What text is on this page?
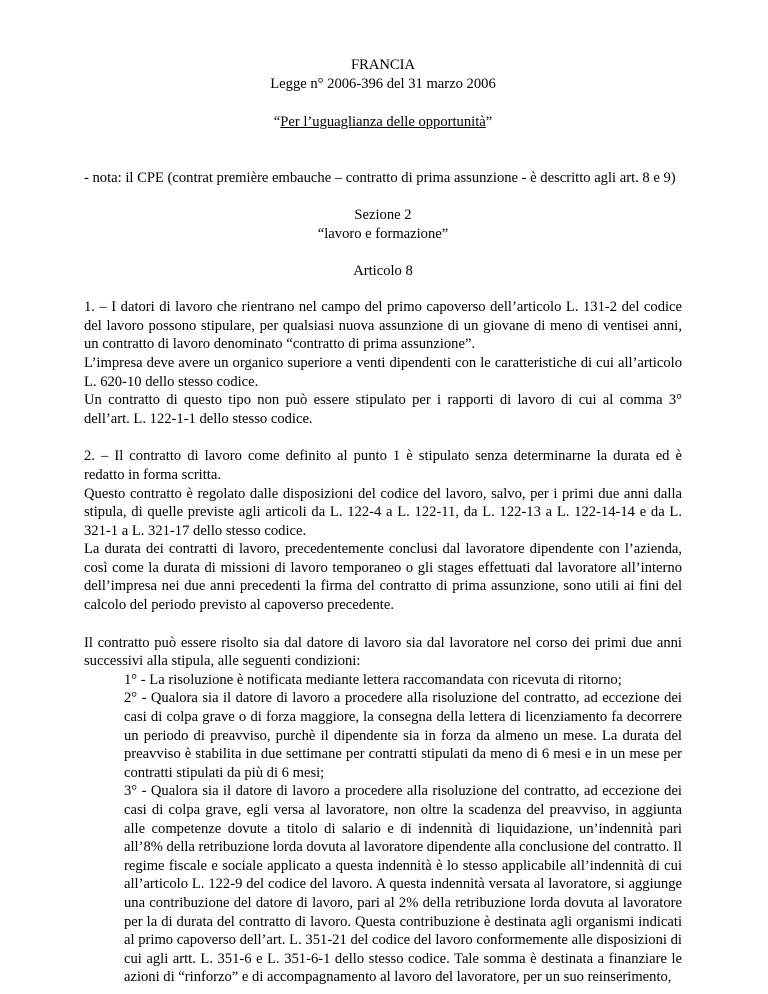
FRANCIA

Legge n° 2006-396 del 31 marzo 2006

“Per l’uguaglianza delle opportunità”

- nota: il CPE (contrat première embauche – contratto di prima assunzione - è descritto agli art. 8 e 9)

Sezione 2

“lavoro e formazione”

Articolo 8

1. – I datori di lavoro che rientrano nel campo del primo capoverso dell’articolo L. 131-2 del codice del lavoro possono stipulare, per qualsiasi nuova assunzione di un giovane di meno di ventisei anni, un contratto di lavoro denominato “contratto di prima assunzione”.

L’impresa deve avere un organico superiore a venti dipendenti con le caratteristiche di cui all’articolo L. 620-10 dello stesso codice.

Un contratto di questo tipo non può essere stipulato per i rapporti di lavoro di cui al comma 3° dell’art. L. 122-1-1 dello stesso codice.

2. – Il contratto di lavoro come definito al punto 1 è stipulato senza determinarne la durata ed è redatto in forma scritta.

Questo contratto è regolato dalle disposizioni del codice del lavoro, salvo, per i primi due anni dalla stipula, di quelle previste agli articoli da L. 122-4 a L. 122-11, da L. 122-13 a L. 122-14-14 e da L. 321-1 a L. 321-17 dello stesso codice.

La durata dei contratti di lavoro, precedentemente conclusi dal lavoratore dipendente con l’azienda, così come la durata di missioni di lavoro temporaneo o gli stages effettuati dal lavoratore all’interno dell’impresa nei due anni precedenti la firma del contratto di prima assunzione, sono utili ai fini del calcolo del periodo previsto al capoverso precedente.

Il contratto può essere risolto sia dal datore di lavoro sia dal lavoratore nel corso dei primi due anni successivi alla stipula, alle seguenti condizioni:

1° - La risoluzione è notificata mediante lettera raccomandata con ricevuta di ritorno;

2° - Qualora sia il datore di lavoro a procedere alla risoluzione del contratto, ad eccezione dei casi di colpa grave o di forza maggiore, la consegna della lettera di licenziamento fa decorrere un periodo di preavviso, purchè il dipendente sia in forza da almeno un mese. La durata del preavviso è stabilita in due settimane per contratti stipulati da meno di 6 mesi e in un mese per contratti stipulati da più di 6 mesi;

3° - Qualora sia il datore di lavoro a procedere alla risoluzione del contratto, ad eccezione dei casi di colpa grave, egli versa al lavoratore, non oltre la scadenza del preavviso, in aggiunta alle competenze dovute a titolo di salario e di indennità di liquidazione, un’indennità pari all’8% della retribuzione lorda dovuta al lavoratore dipendente alla conclusione del contratto. Il regime fiscale e sociale applicato a questa indennità è lo stesso applicabile all’indennità di cui all’articolo L. 122-9 del codice del lavoro. A questa indennità versata al lavoratore, si aggiunge una contribuzione del datore di lavoro, pari al 2% della retribuzione lorda dovuta al lavoratore per la di durata del contratto di lavoro. Questa contribuzione è destinata agli organismi indicati al primo capoverso dell’art. L. 351-21 del codice del lavoro conformemente alle disposizioni di cui agli artt. L. 351-6 e L. 351-6-1 dello stesso codice. Tale somma è destinata a finanziare le azioni di “rinforzo” e di accompagnamento al lavoro del lavoratore, per un suo reinserimento,
